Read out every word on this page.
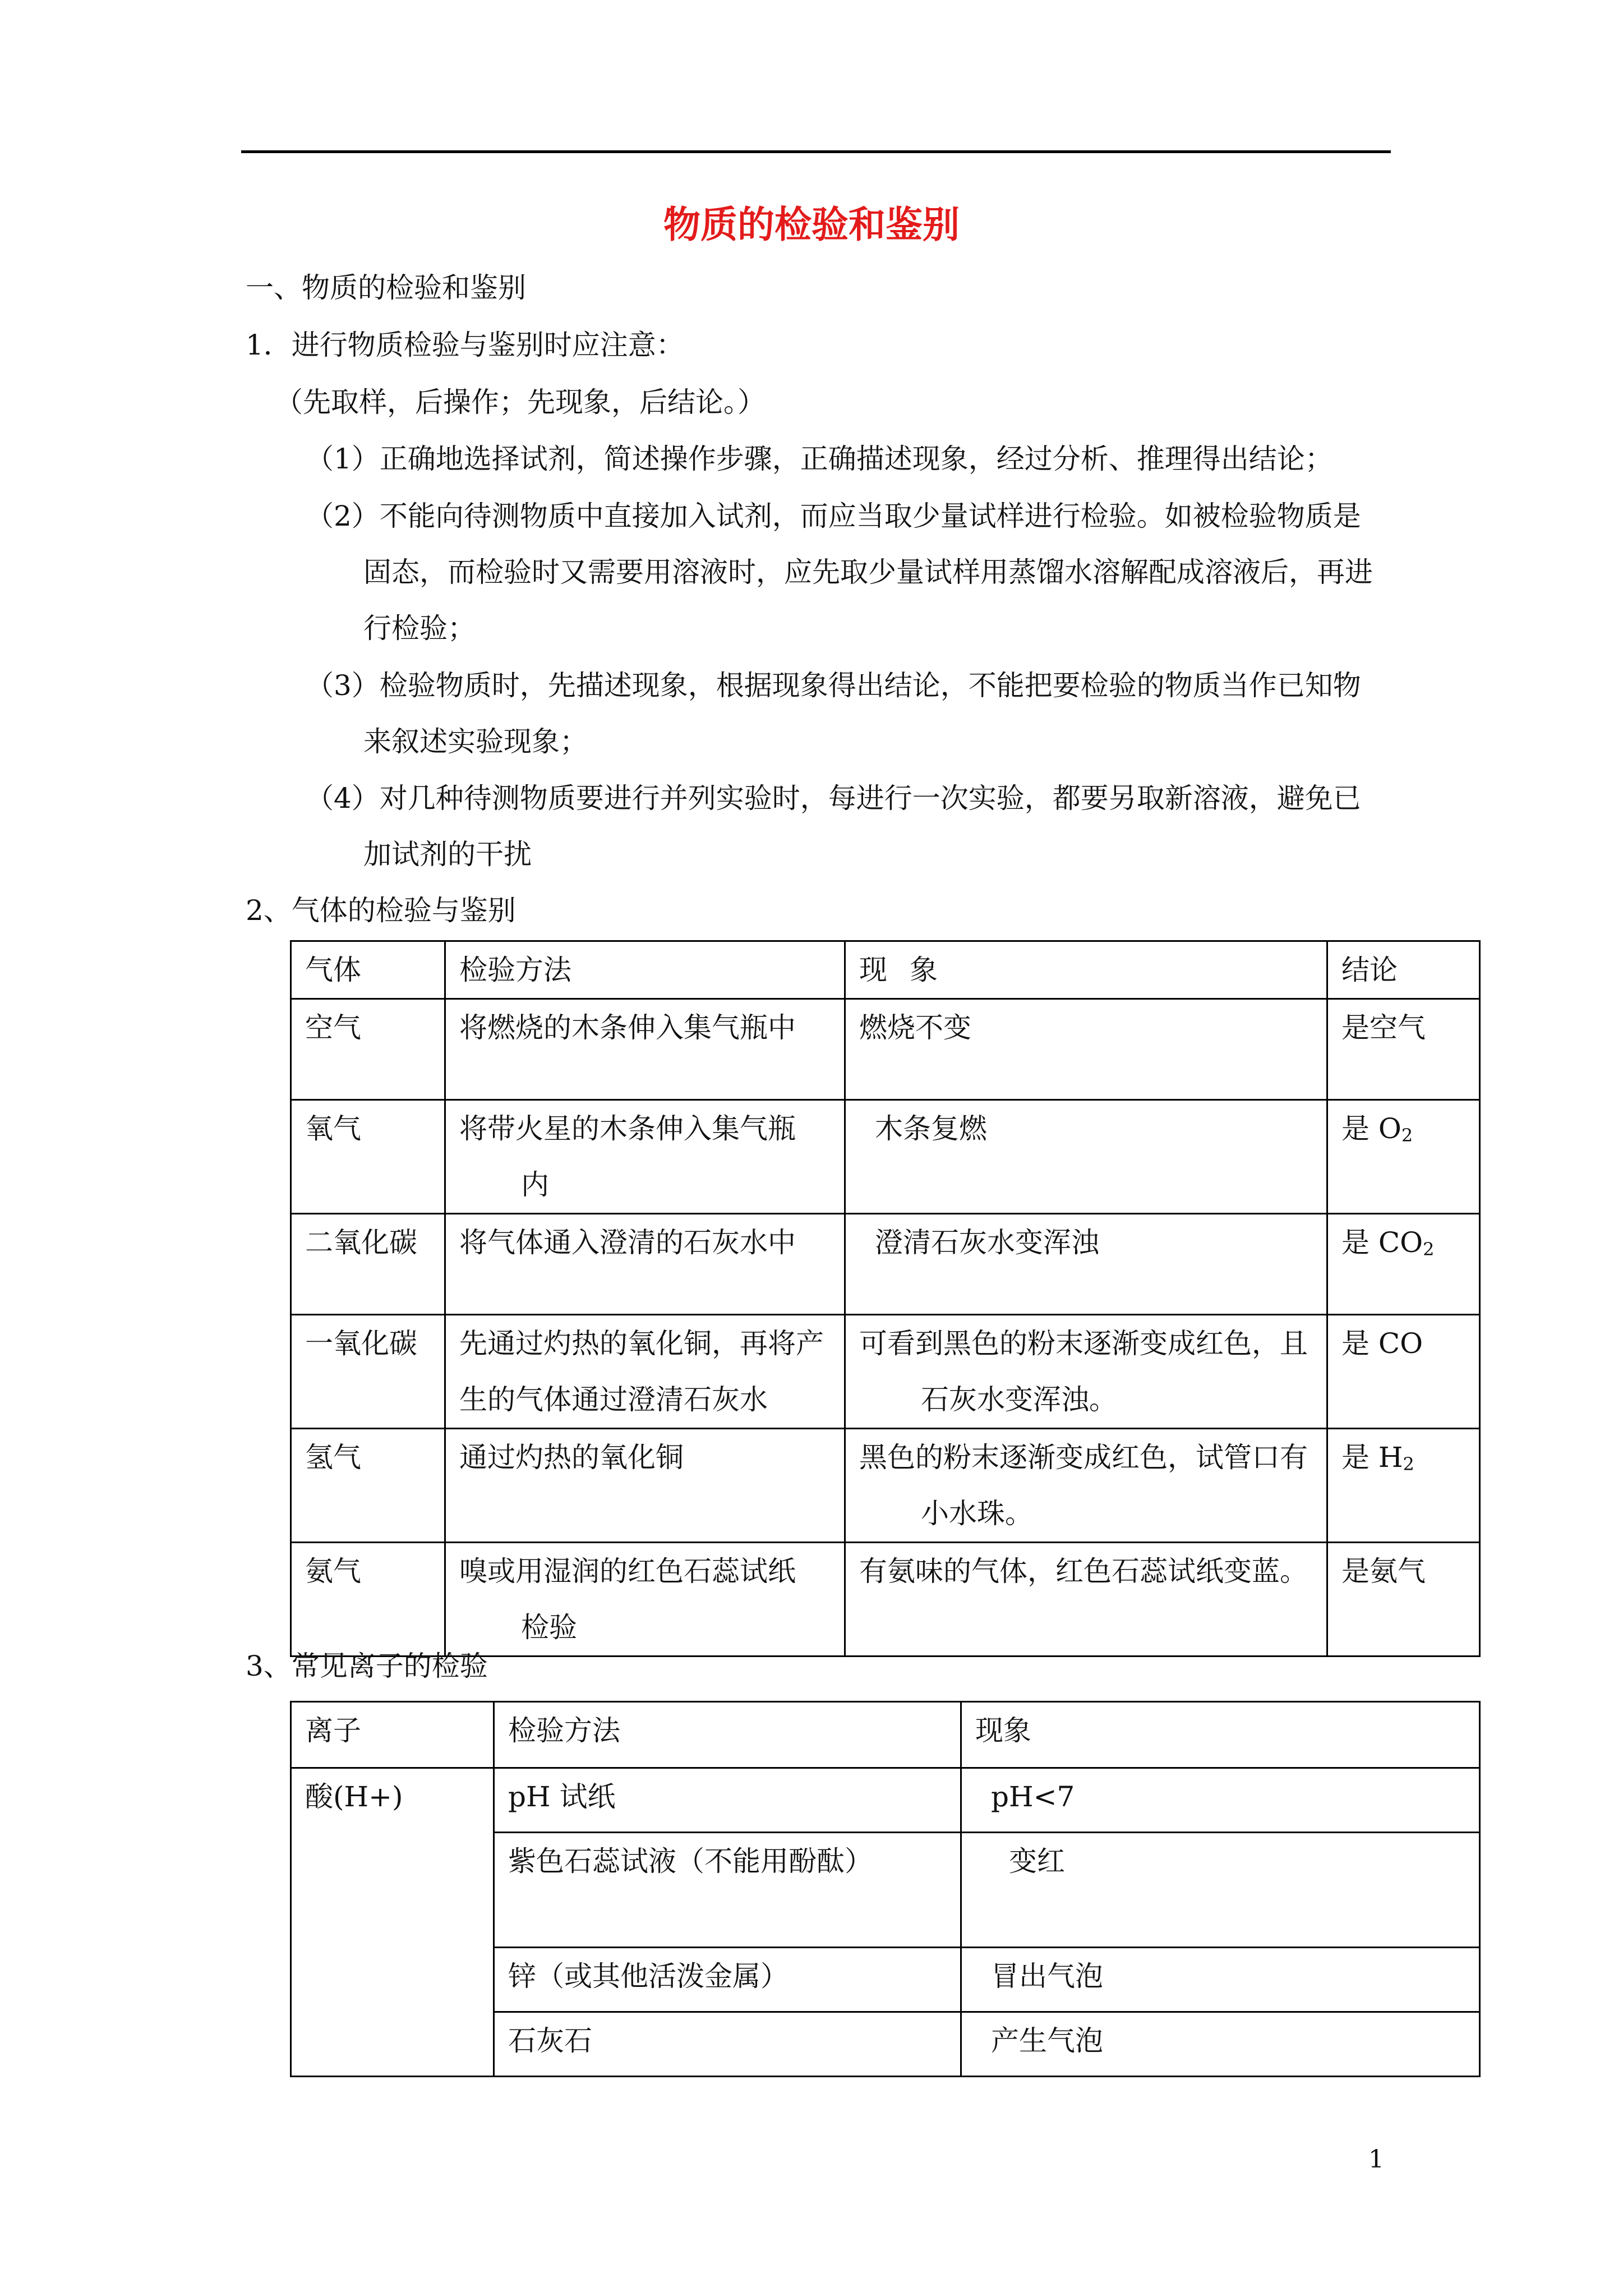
物质的检验和鉴别
一、物质的检验和鉴别
1．进行物质检验与鉴别时应注意：
（先取样，后操作；先现象，后结论。）
（1）正确地选择试剂，简述操作步骤，正确描述现象，经过分析、推理得出结论；
（2）不能向待测物质中直接加入试剂，而应当取少量试样进行检验。如被检验物质是
固态，而检验时又需要用溶液时，应先取少量试样用蒸馏水溶解配成溶液后，再进
行检验；
（3）检验物质时，先描述现象，根据现象得出结论，不能把要检验的物质当作已知物
来叙述实验现象；
（4）对几种待测物质要进行并列实验时，每进行一次实验，都要另取新溶液，避免已
加试剂的干扰
2、气体的检验与鉴别
气体	检验方法	现 象	结论

空气	将燃烧的木条伸入集气瓶中	燃烧不变	是空气

氧气	将带火星的木条伸入集气瓶
内	木条复燃	是 $O_2$

二氧化碳	将气体通入澄清的石灰水中	澄清石灰水变浑浊	是 $CO_2$

一氧化碳	先通过灼热的氧化铜，再将产
生的气体通过澄清石灰水	可看到黑色的粉末逐渐变成红色，且
石灰水变浑浊。	是 CO

氢气	通过灼热的氧化铜	黑色的粉末逐渐变成红色，试管口有
小水珠。	是 $H_2$

氨气	嗅或用湿润的红色石蕊试纸
检验	有氨味的气体，红色石蕊试纸变蓝。	是氨气
3、常见离子的检验
离子	检验方法	现象

酸(H+)	pH 试纸	pH<7

	紫色石蕊试液（不能用酚酞）	变红

	锌（或其他活泼金属）	冒出气泡

	石灰石	产生气泡
1
